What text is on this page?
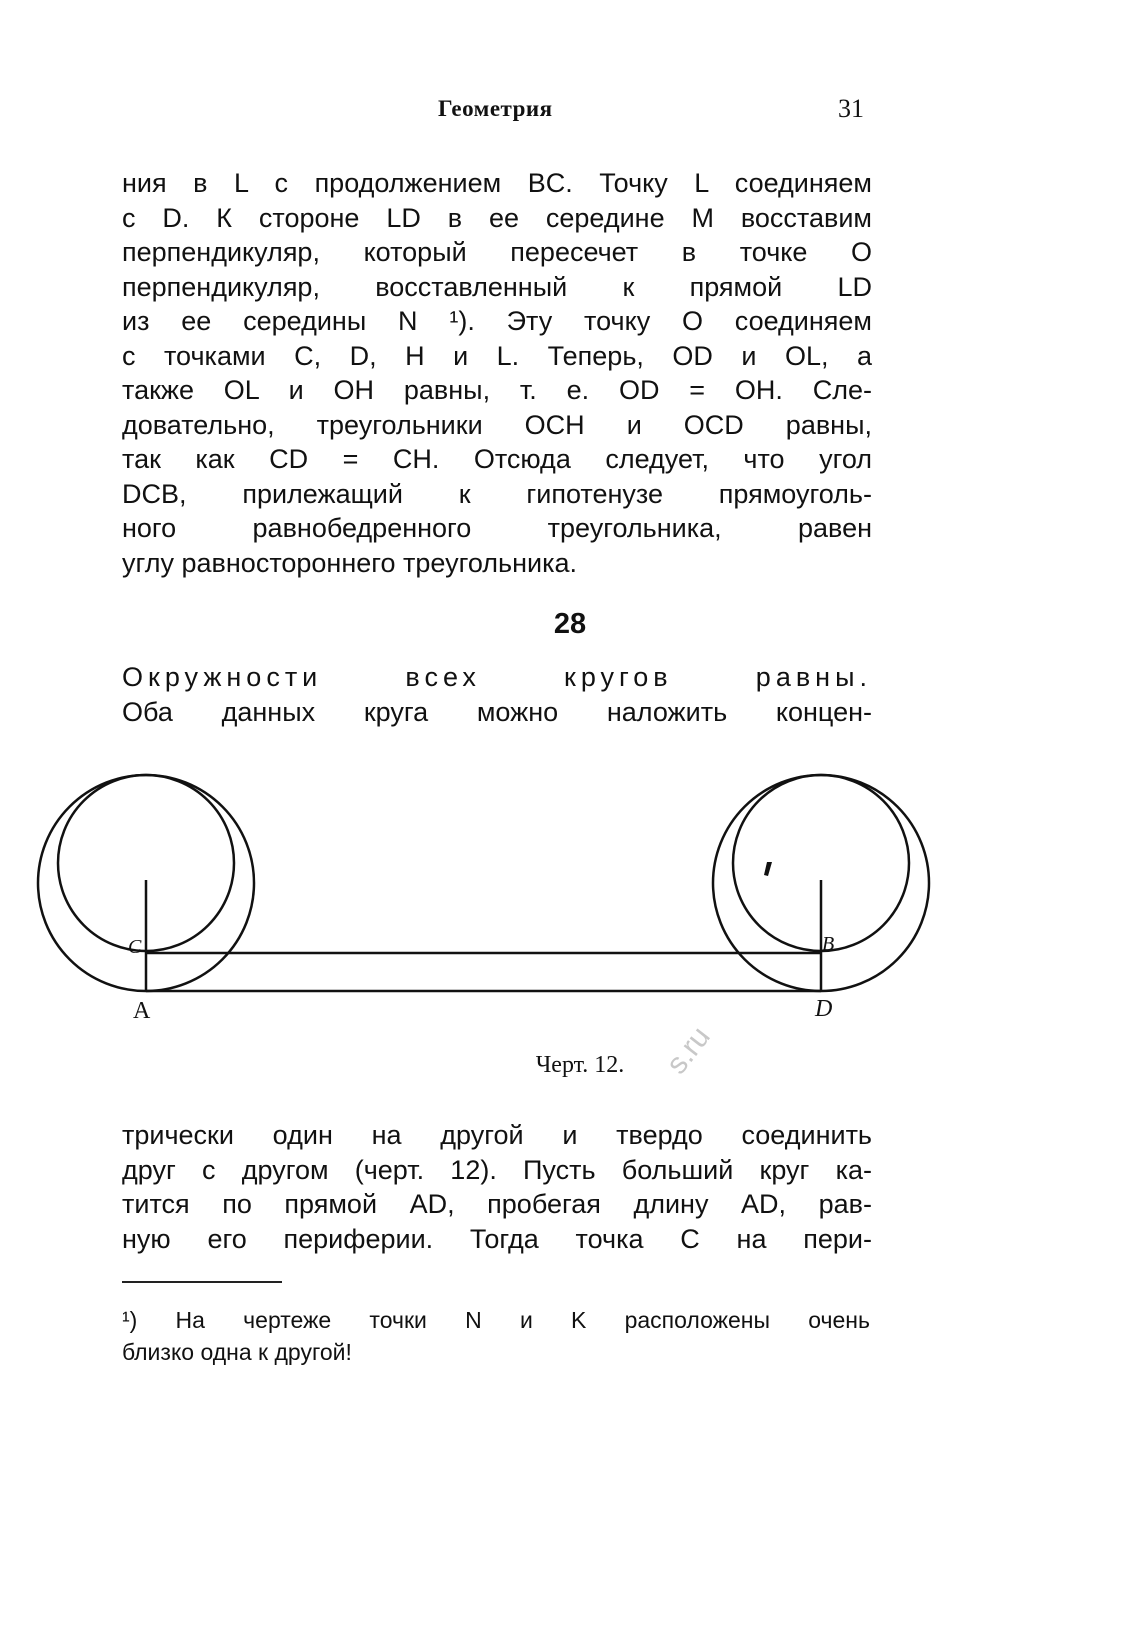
Геометрия	31
ния в L с продолжением BC. Точку L соединяем
с D. К стороне LD в ее середине M восставим
перпендикуляр, который пересечет в точке O
перпендикуляр, восставленный к прямой LD
из ее середины N ¹). Эту точку O соединяем
с точками C, D, H и L. Теперь, OD и OL, а
также OL и OH равны, т. е. OD = OH. Сле-
довательно, треугольники OCH и OCD равны,
так как CD = CH. Отсюда следует, что угол
DCB, прилежащий к гипотенузе прямоуголь-
ного равнобедренного треугольника, равен
углу равностороннего треугольника.
28
Окружности всех кругов равны.
Оба данных круга можно наложить концен-
C	B
A	D
Черт. 12.	s.ru
трически один на другой и твердо соединить
друг с другом (черт. 12). Пусть больший круг ка-
тится по прямой AD, пробегая длину AD, рав-
ную его периферии. Тогда точка C на пери-
¹) На чертеже точки N и K расположены очень
близко одна к другой!
